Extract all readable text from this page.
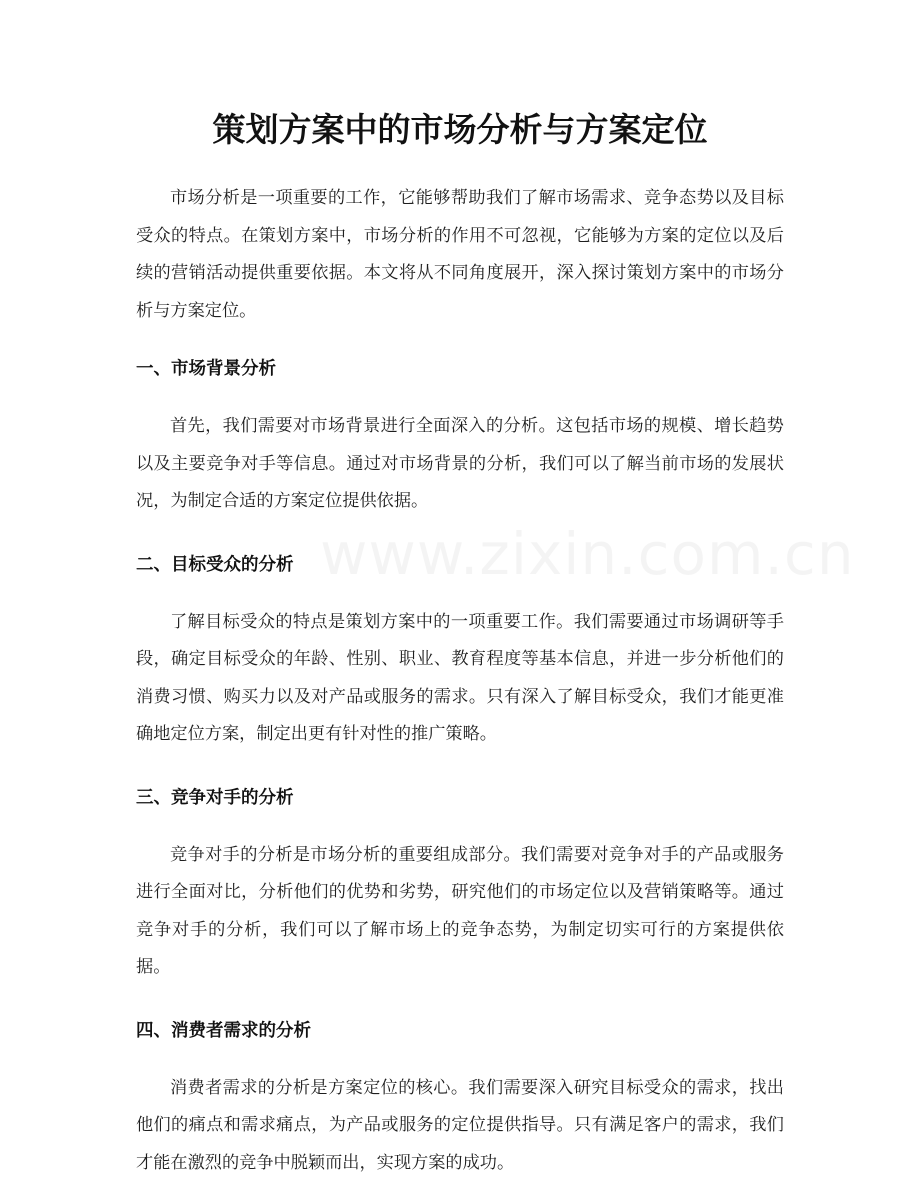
策划方案中的市场分析与方案定位

市场分析是一项重要的工作，它能够帮助我们了解市场需求、竞争态势以及目标受众的特点。在策划方案中，市场分析的作用不可忽视，它能够为方案的定位以及后续的营销活动提供重要依据。本文将从不同角度展开，深入探讨策划方案中的市场分析与方案定位。

一、市场背景分析

首先，我们需要对市场背景进行全面深入的分析。这包括市场的规模、增长趋势以及主要竞争对手等信息。通过对市场背景的分析，我们可以了解当前市场的发展状况，为制定合适的方案定位提供依据。

二、目标受众的分析

了解目标受众的特点是策划方案中的一项重要工作。我们需要通过市场调研等手段，确定目标受众的年龄、性别、职业、教育程度等基本信息，并进一步分析他们的消费习惯、购买力以及对产品或服务的需求。只有深入了解目标受众，我们才能更准确地定位方案，制定出更有针对性的推广策略。

三、竞争对手的分析

竞争对手的分析是市场分析的重要组成部分。我们需要对竞争对手的产品或服务进行全面对比，分析他们的优势和劣势，研究他们的市场定位以及营销策略等。通过竞争对手的分析，我们可以了解市场上的竞争态势，为制定切实可行的方案提供依据。

四、消费者需求的分析

消费者需求的分析是方案定位的核心。我们需要深入研究目标受众的需求，找出他们的痛点和需求痛点，为产品或服务的定位提供指导。只有满足客户的需求，我们才能在激烈的竞争中脱颖而出，实现方案的成功。
